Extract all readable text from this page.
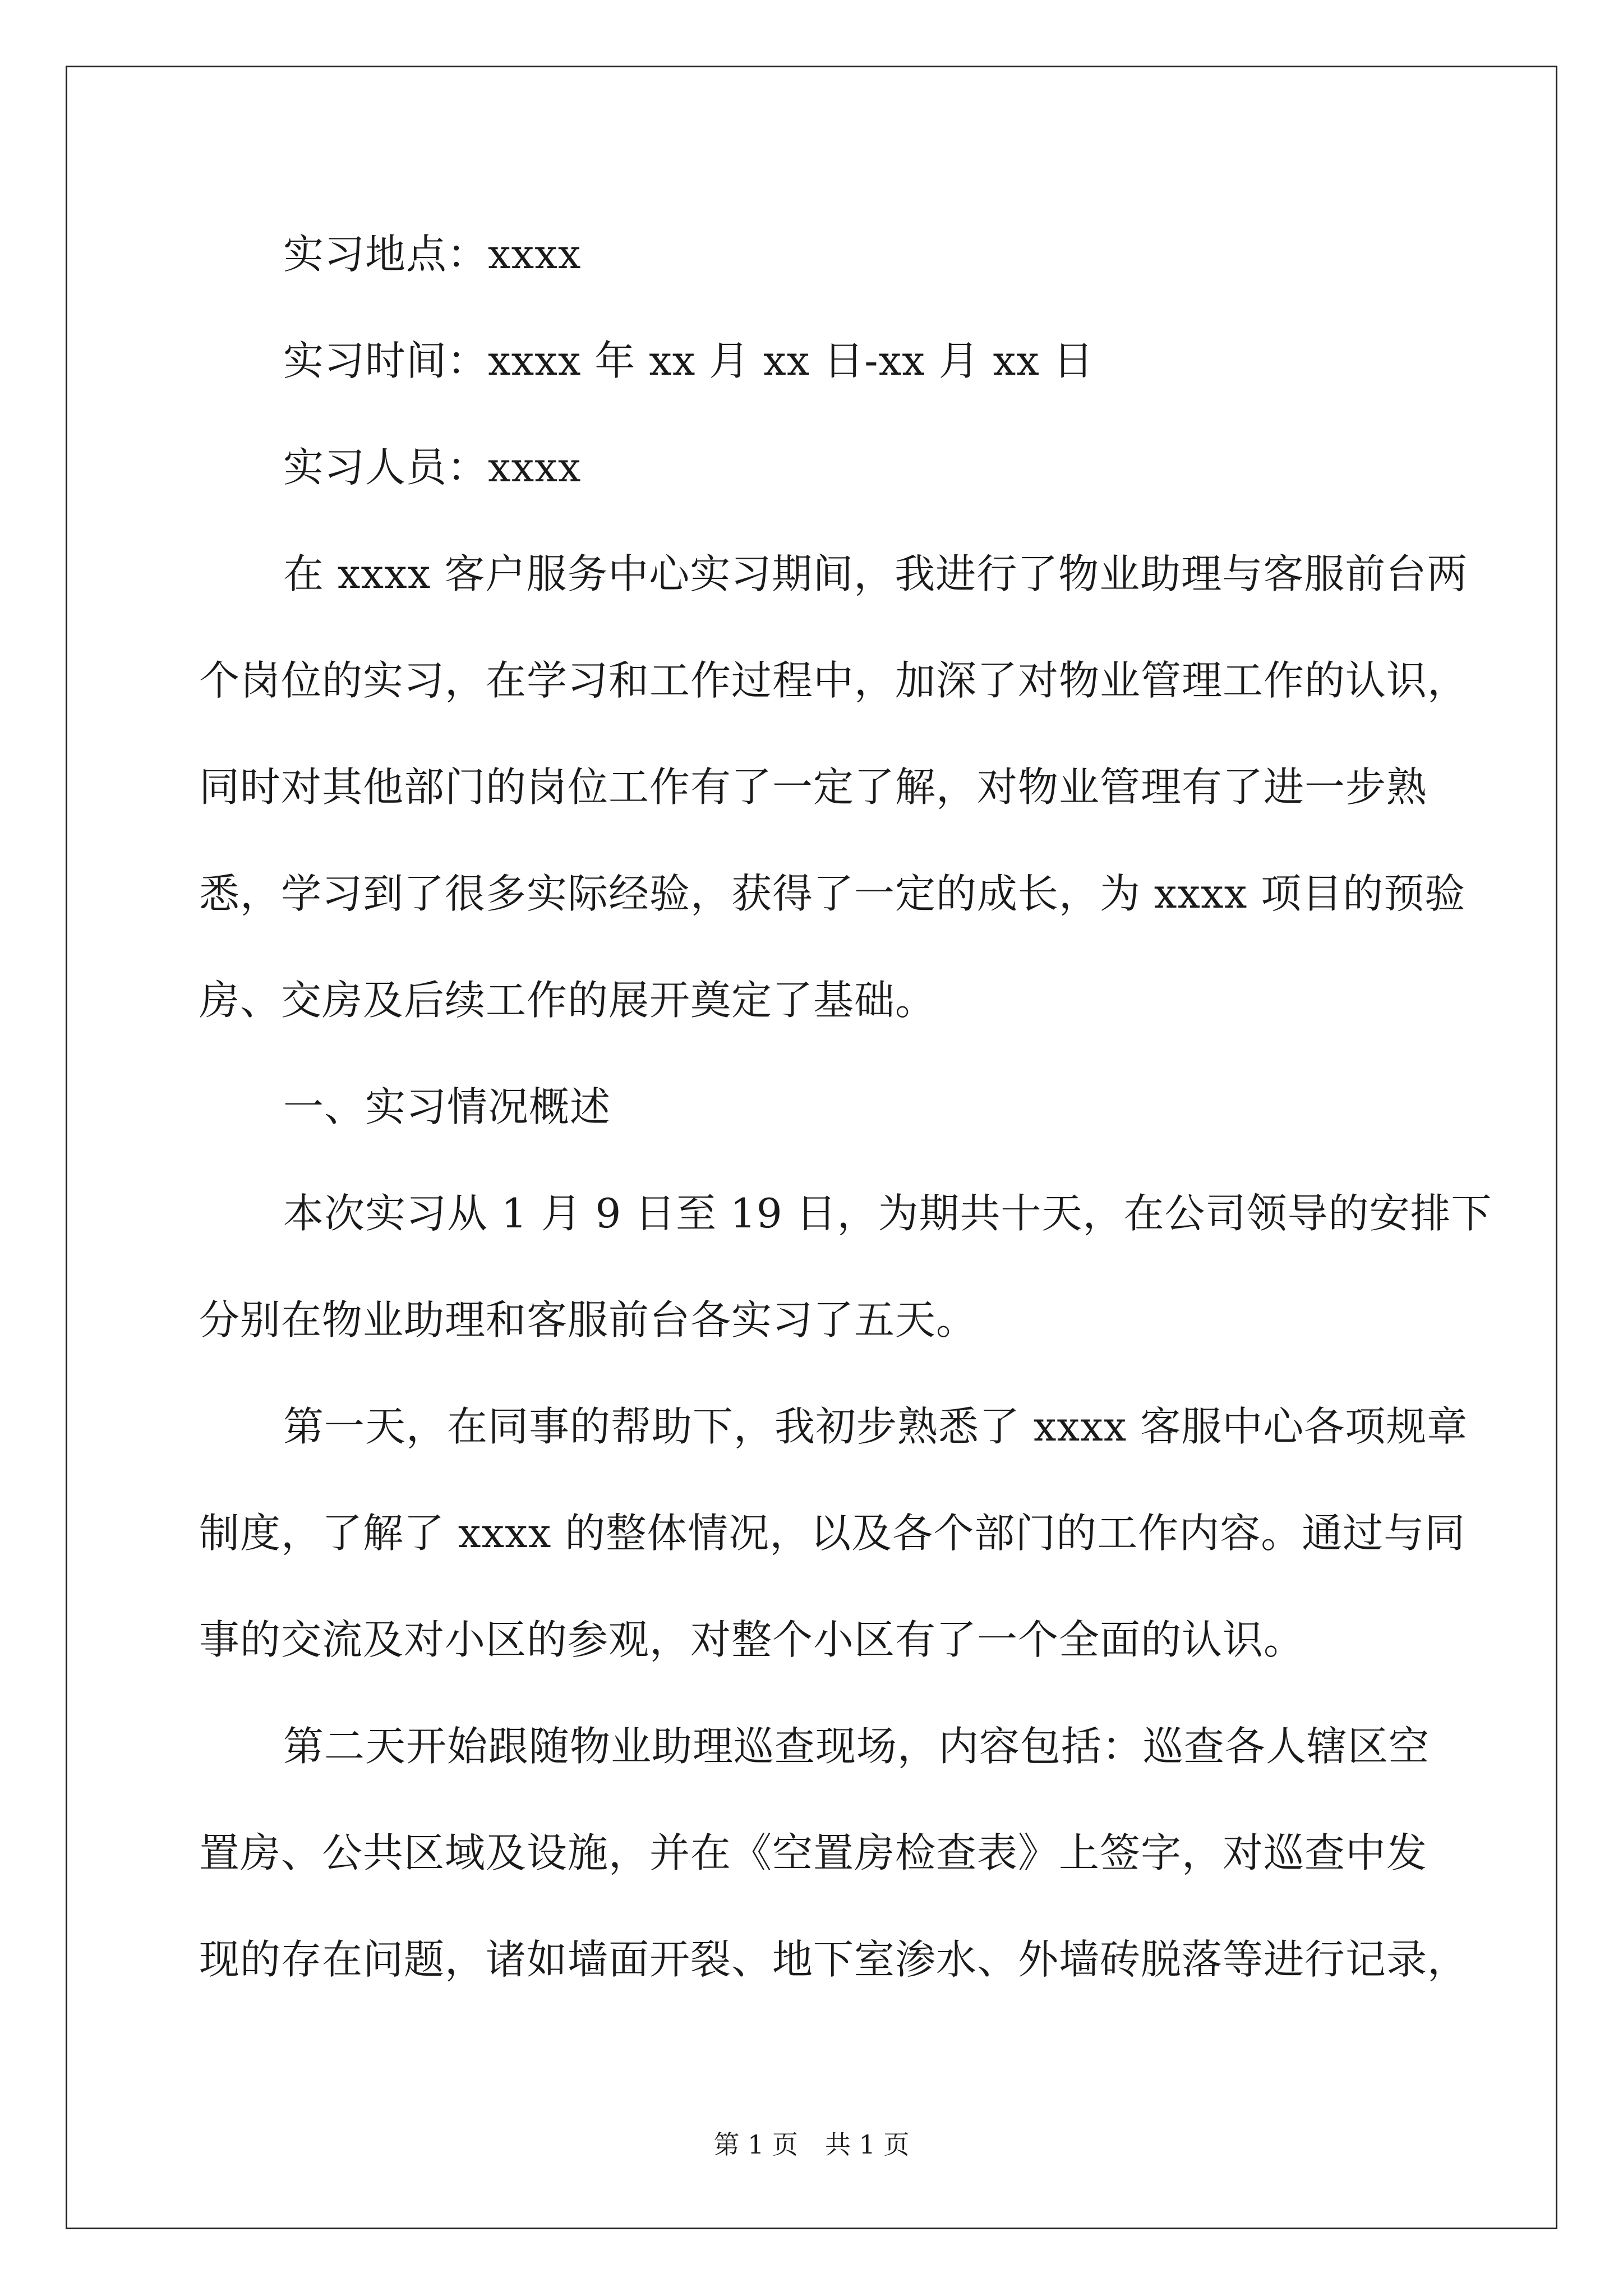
实习地点：xxxx

实习时间：xxxx 年 xx 月 xx 日-xx 月 xx 日

实习人员：xxxx

在 xxxx 客户服务中心实习期间，我进行了物业助理与客服前台两

个岗位的实习，在学习和工作过程中，加深了对物业管理工作的认识，

同时对其他部门的岗位工作有了一定了解，对物业管理有了进一步熟

悉，学习到了很多实际经验，获得了一定的成长，为 xxxx 项目的预验

房、交房及后续工作的展开奠定了基础。

一、实习情况概述

本次实习从 1 月 9 日至 19 日，为期共十天，在公司领导的安排下

分别在物业助理和客服前台各实习了五天。

第一天，在同事的帮助下，我初步熟悉了 xxxx 客服中心各项规章

制度，了解了 xxxx 的整体情况，以及各个部门的工作内容。通过与同

事的交流及对小区的参观，对整个小区有了一个全面的认识。

第二天开始跟随物业助理巡查现场，内容包括：巡查各人辖区空

置房、公共区域及设施，并在《空置房检查表》上签字，对巡查中发

现的存在问题，诸如墙面开裂、地下室渗水、外墙砖脱落等进行记录，

第 1 页 共 1 页
